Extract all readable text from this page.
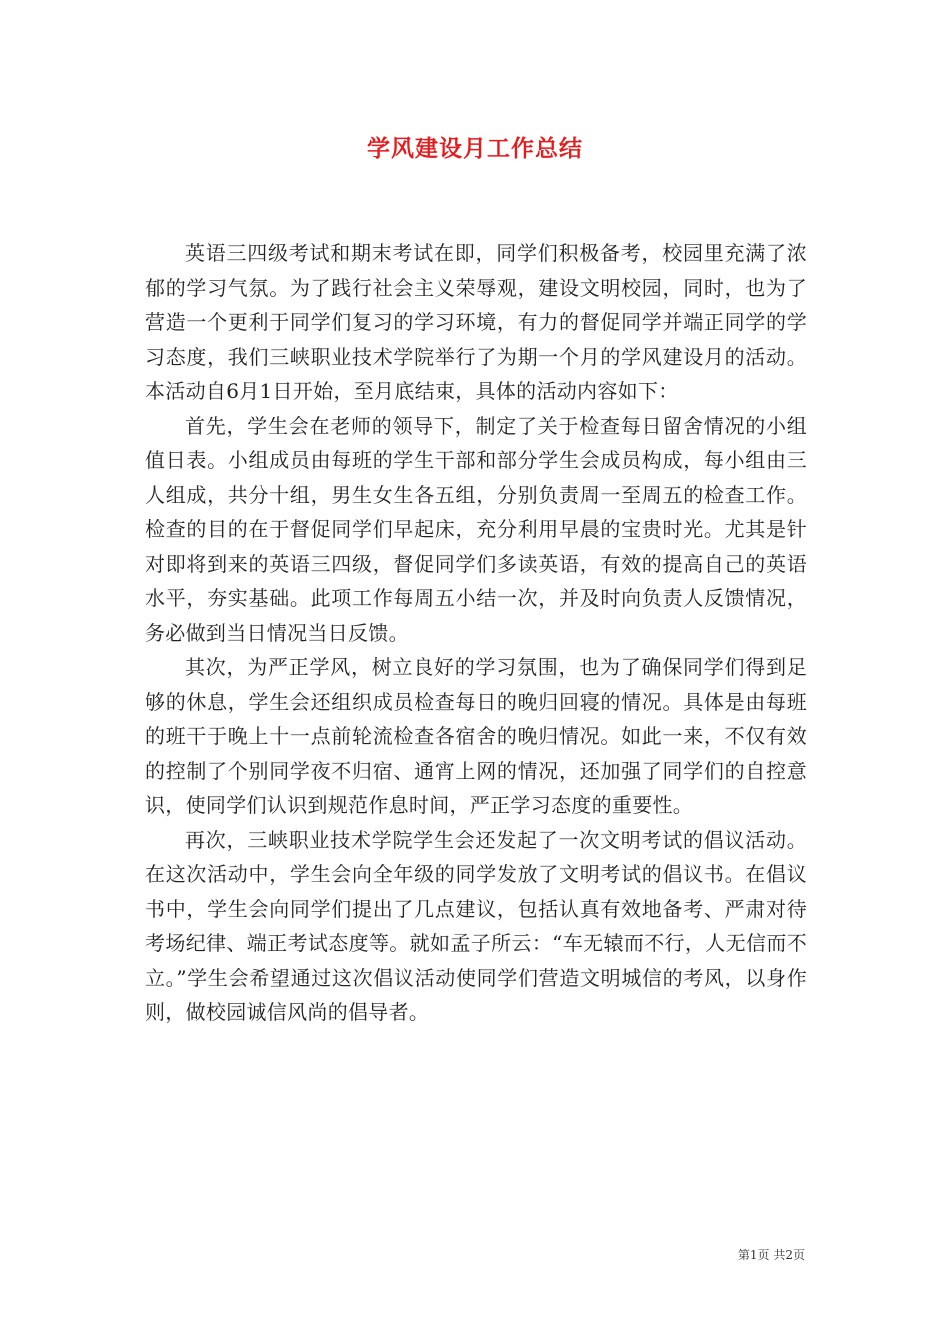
学风建设月工作总结

英语三四级考试和期末考试在即，同学们积极备考，校园里充满了浓郁的学习气氛。为了践行社会主义荣辱观，建设文明校园，同时，也为了营造一个更利于同学们复习的学习环境，有力的督促同学并端正同学的学习态度，我们三峡职业技术学院举行了为期一个月的学风建设月的活动。本活动自6月1日开始，至月底结束，具体的活动内容如下：

首先，学生会在老师的领导下，制定了关于检查每日留舍情况的小组值日表。小组成员由每班的学生干部和部分学生会成员构成，每小组由三人组成，共分十组，男生女生各五组，分别负责周一至周五的检查工作。检查的目的在于督促同学们早起床，充分利用早晨的宝贵时光。尤其是针对即将到来的英语三四级，督促同学们多读英语，有效的提高自己的英语水平，夯实基础。此项工作每周五小结一次，并及时向负责人反馈情况，务必做到当日情况当日反馈。

其次，为严正学风，树立良好的学习氛围，也为了确保同学们得到足够的休息，学生会还组织成员检查每日的晚归回寝的情况。具体是由每班的班干于晚上十一点前轮流检查各宿舍的晚归情况。如此一来，不仅有效的控制了个别同学夜不归宿、通宵上网的情况，还加强了同学们的自控意识，使同学们认识到规范作息时间，严正学习态度的重要性。

再次，三峡职业技术学院学生会还发起了一次文明考试的倡议活动。在这次活动中，学生会向全年级的同学发放了文明考试的倡议书。在倡议书中，学生会向同学们提出了几点建议，包括认真有效地备考、严肃对待考场纪律、端正考试态度等。就如孟子所云：“车无辕而不行，人无信而不立。”学生会希望通过这次倡议活动使同学们营造文明城信的考风，以身作则，做校园诚信风尚的倡导者。

第1页 共2页
